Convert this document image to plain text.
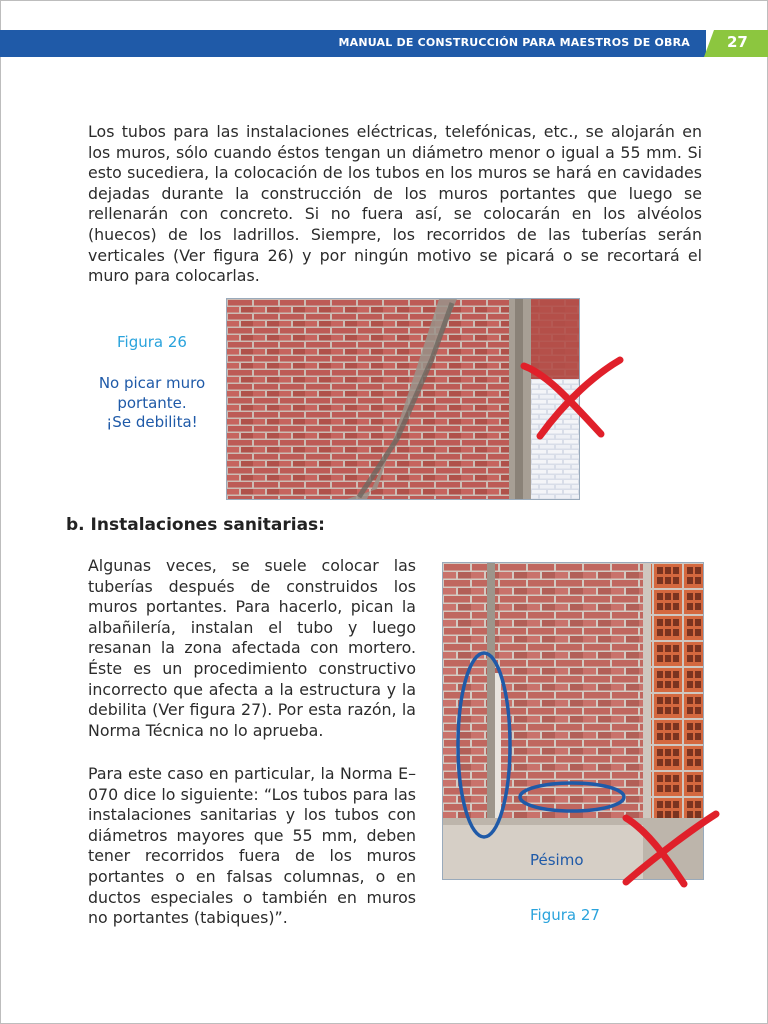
MANUAL DE CONSTRUCCIÓN PARA MAESTROS DE OBRA 27

Los tubos para las instalaciones eléctricas, telefónicas, etc., se alojarán en los muros, sólo cuando éstos tengan un diámetro menor o igual a 55 mm. Si esto sucediera, la colocación de los tubos en los muros se hará en cavidades dejadas durante la construcción de los muros portantes que luego se rellenarán con concreto. Si no fuera así, se colocarán en los alvéolos (huecos) de los ladrillos. Siempre, los recorridos de las tuberías serán verticales (Ver figura 26) y por ningún motivo se picará o se recortará el muro para colocarlas.

Figura 26
No picar muro
portante.
¡Se debilita!
b. Instalaciones sanitarias:

Algunas veces, se suele colocar las tuberías después de construidos los muros portantes. Para hacerlo, pican la albañilería, instalan el tubo y luego resanan la zona afectada con mortero. Éste es un procedimiento constructivo incorrecto que afecta a la estructura y la debilita (Ver figura 27). Por esta razón, la Norma Técnica no lo aprueba.

Para este caso en particular, la Norma E–070 dice lo siguiente: “Los tubos para las instalaciones sanitarias y los tubos con diámetros mayores que 55 mm, deben tener recorridos fuera de los muros portantes o en falsas columnas, o en ductos especiales o también en muros no portantes (tabiques)”.

Pésimo
Figura 27
